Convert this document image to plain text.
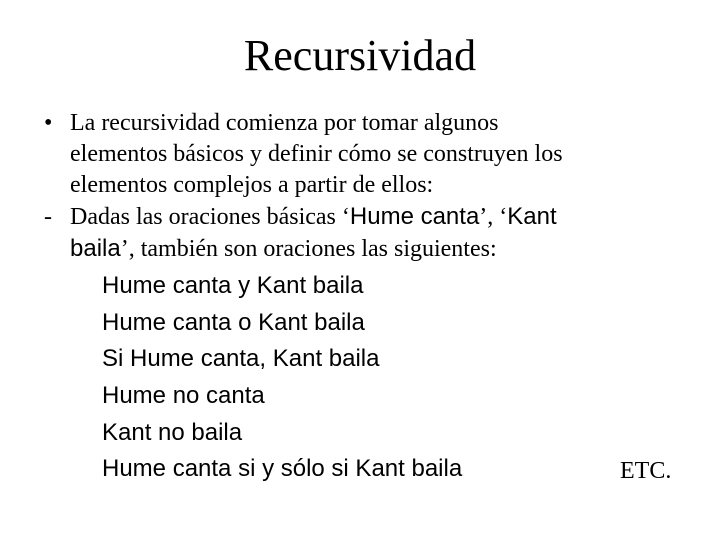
Recursividad
• La recursividad comienza por tomar algunos
elementos básicos y definir cómo se construyen los
elementos complejos a partir de ellos:
- Dadas las oraciones básicas ‘Hume canta’, ‘Kant
baila’, también son oraciones las siguientes:
Hume canta y Kant baila
Hume canta o Kant baila
Si Hume canta, Kant baila
Hume no canta
Kant no baila
Hume canta si y sólo si Kant baila	ETC.
